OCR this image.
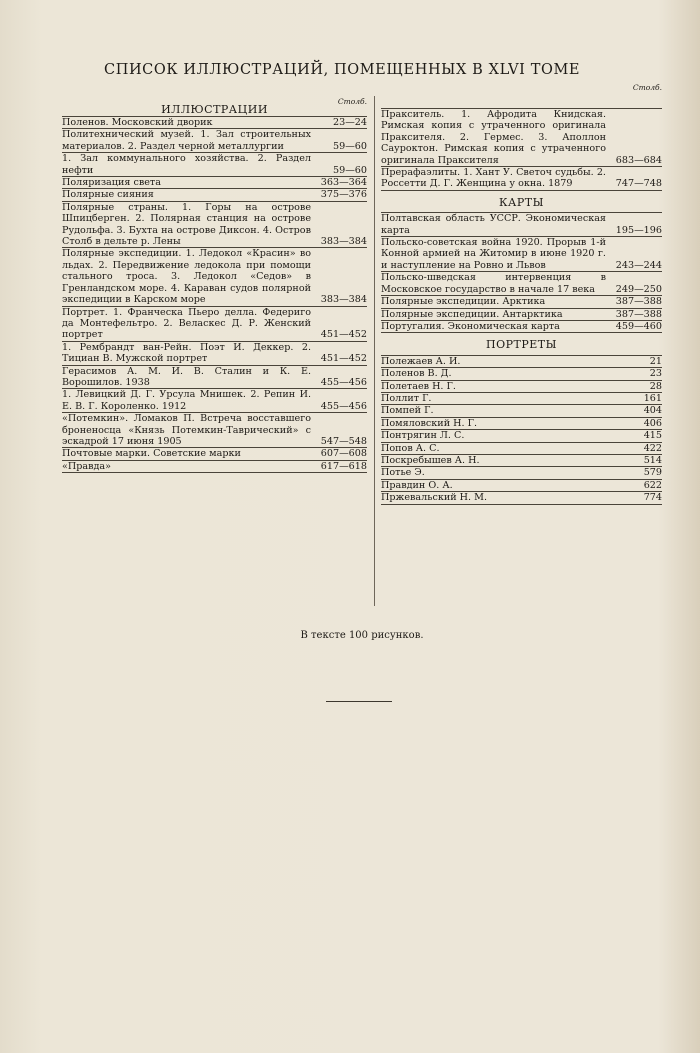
СПИСОК ИЛЛЮСТРАЦИЙ, ПОМЕЩЕННЫХ В XLVI ТОМЕ
ИЛЛЮСТРАЦИИ
Столб.
Поленов. Московский дворик	23—24
Политехнический музей. 1. Зал строительных материалов. 2. Раздел черной металлургии	59—60
1. Зал коммунального хозяйства. 2. Раздел нефти	59—60
Поляризация света	363—364
Полярные сияния	375—376
Полярные страны. 1. Горы на острове Шпицберген. 2. Полярная станция на острове Рудольфа. 3. Бухта на острове Диксон. 4. Остров Столб в дельте р. Лены	383—384
Полярные экспедиции. 1. Ледокол «Красин» во льдах. 2. Передвижение ледокола при помощи стального троса. 3. Ледокол «Седов» в Гренландском море. 4. Караван судов полярной экспедиции в Карском море	383—384
Портрет. 1. Франческа Пьеро делла. Федериго да Монтефельтро. 2. Веласкес Д. Р. Женский портрет	451—452
1. Рембрандт ван-Рейн. Поэт И. Деккер. 2. Тициан В. Мужской портрет	451—452
Герасимов А. М. И. В. Сталин и К. Е. Ворошилов. 1938	455—456
1. Левицкий Д. Г. Урсула Мнишек. 2. Репин И. Е. В. Г. Короленко. 1912	455—456
«Потемкин». Ломаков П. Встреча восставшего броненосца «Князь Потемкин-Таврический» с эскадрой 17 июня 1905	547—548
Почтовые марки. Советские марки	607—608
«Правда»	617—618
Столб.
Пракситель. 1. Афродита Книдская. Римская копия с утраченного оригинала Праксителя. 2. Гермес. 3. Аполлон Сауроктон. Римская копия с утраченного оригинала Праксителя	683—684
Прерафаэлиты. 1. Хант У. Светоч судьбы. 2. Россетти Д. Г. Женщина у окна. 1879	747—748
КАРТЫ
Полтавская область УССР. Экономическая карта	195—196
Польско-советская война 1920. Прорыв 1-й Конной армией на Житомир в июне 1920 г. и наступление на Ровно и Львов	243—244
Польско-шведская интервенция в Московское государство в начале 17 века	249—250
Полярные экспедиции. Арктика	387—388
Полярные экспедиции. Антарктика	387—388
Португалия. Экономическая карта	459—460
ПОРТРЕТЫ
Полежаев А. И.	21
Поленов В. Д.	23
Полетаев Н. Г.	28
Поллит Г.	161
Помпей Г.	404
Помяловский Н. Г.	406
Понтрягин Л. С.	415
Попов А. С.	422
Поскребышев А. Н.	514
Потье Э.	579
Правдин О. А.	622
Пржевальский Н. М.	774
В тексте 100 рисунков.
